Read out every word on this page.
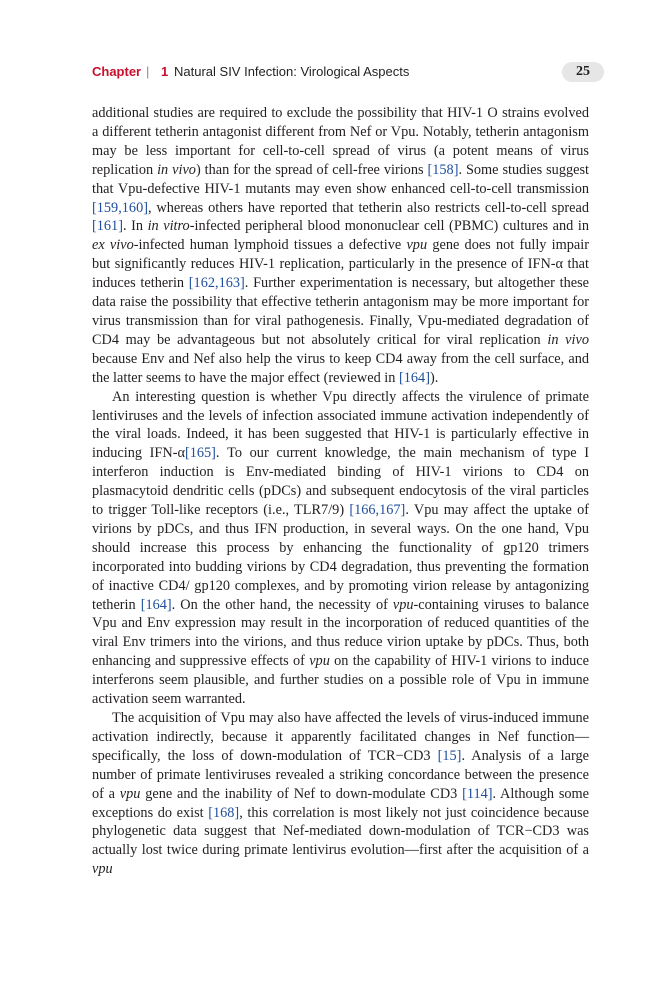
Chapter | 1 Natural SIV Infection: Virological Aspects	25

additional studies are required to exclude the possibility that HIV-1 O strains evolved a different tetherin antagonist different from Nef or Vpu. Notably, tetherin antagonism may be less important for cell-to-cell spread of virus (a potent means of virus replication in vivo) than for the spread of cell-free virions [158]. Some studies suggest that Vpu-defective HIV-1 mutants may even show enhanced cell-to-cell transmission [159,160], whereas others have reported that tetherin also restricts cell-to-cell spread [161]. In in vitro-infected peripheral blood mononuclear cell (PBMC) cultures and in ex vivo-infected human lymphoid tissues a defective vpu gene does not fully impair but significantly reduces HIV-1 replication, particularly in the presence of IFN-α that induces tetherin [162,163]. Further experimentation is necessary, but altogether these data raise the possibility that effective tetherin antagonism may be more important for virus transmission than for viral pathogenesis. Finally, Vpu-mediated degradation of CD4 may be advantageous but not absolutely critical for viral replication in vivo because Env and Nef also help the virus to keep CD4 away from the cell surface, and the latter seems to have the major effect (reviewed in [164]).

An interesting question is whether Vpu directly affects the virulence of primate lentiviruses and the levels of infection associated immune activation independently of the viral loads. Indeed, it has been suggested that HIV-1 is particularly effective in inducing IFN-α[165]. To our current knowledge, the main mechanism of type I interferon induction is Env-mediated binding of HIV-1 virions to CD4 on plasmacytoid dendritic cells (pDCs) and subsequent endocytosis of the viral particles to trigger Toll-like receptors (i.e., TLR7/9) [166,167]. Vpu may affect the uptake of virions by pDCs, and thus IFN production, in several ways. On the one hand, Vpu should increase this process by enhancing the functionality of gp120 trimers incorporated into budding virions by CD4 degradation, thus preventing the formation of inactive CD4/ gp120 complexes, and by promoting virion release by antagonizing tetherin [164]. On the other hand, the necessity of vpu-containing viruses to balance Vpu and Env expression may result in the incorporation of reduced quantities of the viral Env trimers into the virions, and thus reduce virion uptake by pDCs. Thus, both enhancing and suppressive effects of vpu on the capability of HIV-1 virions to induce interferons seem plausible, and further studies on a possible role of Vpu in immune activation seem warranted.

The acquisition of Vpu may also have affected the levels of virus-induced immune activation indirectly, because it apparently facilitated changes in Nef function—specifically, the loss of down-modulation of TCR−CD3 [15]. Analysis of a large number of primate lentiviruses revealed a striking concordance between the presence of a vpu gene and the inability of Nef to down-modulate CD3 [114]. Although some exceptions do exist [168], this correlation is most likely not just coincidence because phylogenetic data suggest that Nef-mediated down-modulation of TCR−CD3 was actually lost twice during primate lentivirus evolution—first after the acquisition of a vpu
